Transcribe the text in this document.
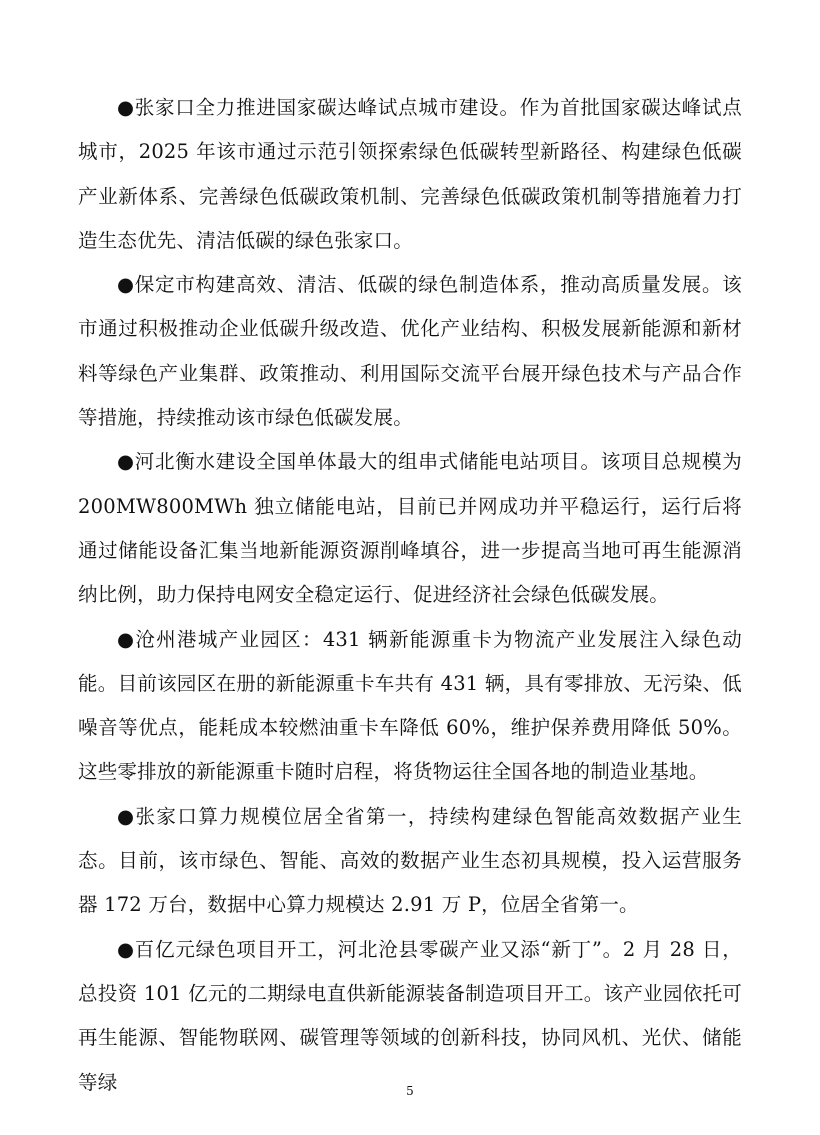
●张家口全力推进国家碳达峰试点城市建设。作为首批国家碳达峰试点城市，2025 年该市通过示范引领探索绿色低碳转型新路径、构建绿色低碳产业新体系、完善绿色低碳政策机制、完善绿色低碳政策机制等措施着力打造生态优先、清洁低碳的绿色张家口。

●保定市构建高效、清洁、低碳的绿色制造体系，推动高质量发展。该市通过积极推动企业低碳升级改造、优化产业结构、积极发展新能源和新材料等绿色产业集群、政策推动、利用国际交流平台展开绿色技术与产品合作等措施，持续推动该市绿色低碳发展。

●河北衡水建设全国单体最大的组串式储能电站项目。该项目总规模为200MW800MWh 独立储能电站，目前已并网成功并平稳运行，运行后将通过储能设备汇集当地新能源资源削峰填谷，进一步提高当地可再生能源消纳比例，助力保持电网安全稳定运行、促进经济社会绿色低碳发展。

●沧州港城产业园区：431 辆新能源重卡为物流产业发展注入绿色动能。目前该园区在册的新能源重卡车共有 431 辆，具有零排放、无污染、低噪音等优点，能耗成本较燃油重卡车降低 60%，维护保养费用降低 50%。这些零排放的新能源重卡随时启程，将货物运往全国各地的制造业基地。

●张家口算力规模位居全省第一，持续构建绿色智能高效数据产业生态。目前，该市绿色、智能、高效的数据产业生态初具规模，投入运营服务器 172 万台，数据中心算力规模达 2.91 万 P，位居全省第一。

●百亿元绿色项目开工，河北沧县零碳产业又添“新丁”。2 月 28 日，总投资 101 亿元的二期绿电直供新能源装备制造项目开工。该产业园依托可再生能源、智能物联网、碳管理等领域的创新科技，协同风机、光伏、储能等绿	5
